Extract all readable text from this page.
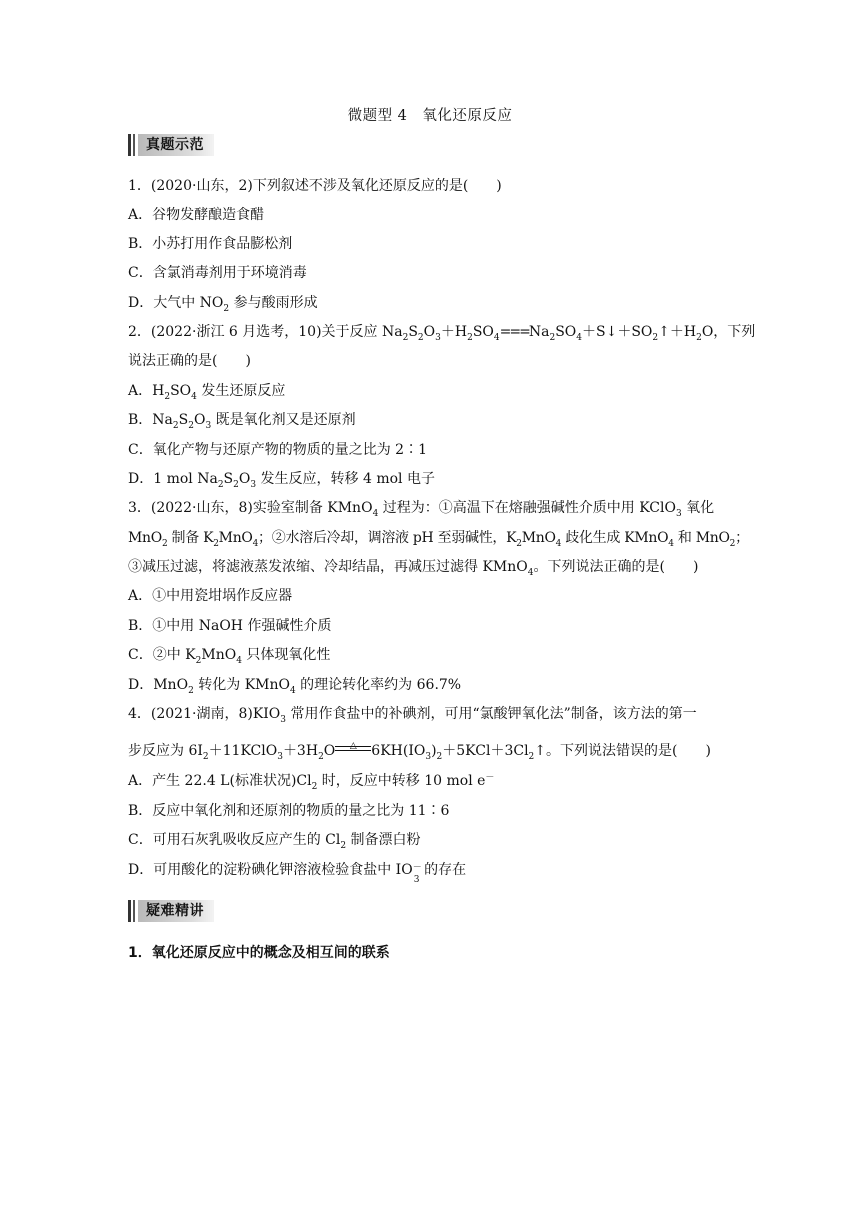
微题型 4　氧化还原反应
真题示范
1．(2020·山东，2)下列叙述不涉及氧化还原反应的是(　　)
A．谷物发酵酿造食醋
B．小苏打用作食品膨松剂
C．含氯消毒剂用于环境消毒
D．大气中 $NO_2$ 参与酸雨形成
2．(2022·浙江 6 月选考，10)关于反应 $Na_2S_2O_3+H_2SO_4===Na_2SO_4+S↓+SO_2↑+H_2O$，下列
说法正确的是(　　)
A．$H_2SO_4$ 发生还原反应
B．$Na_2S_2O_3$ 既是氧化剂又是还原剂
C．氧化产物与还原产物的物质的量之比为 2∶1
D．1 mol $Na_2S_2O_3$ 发生反应，转移 4 mol 电子
3．(2022·山东，8)实验室制备 KMnO$_4$ 过程为：①高温下在熔融强碱性介质中用 KClO$_3$ 氧化
MnO$_2$ 制备 $K_2MnO_4$；②水溶后冷却，调溶液 pH 至弱碱性，$K_2MnO_4$ 歧化生成 KMnO$_4$ 和 MnO$_2$；
③减压过滤，将滤液蒸发浓缩、冷却结晶，再减压过滤得 KMnO$_4$。下列说法正确的是(　　)
A．①中用瓷坩埚作反应器
B．①中用 NaOH 作强碱性介质
C．②中 $K_2MnO_4$ 只体现氧化性
D．MnO$_2$ 转化为 KMnO$_4$ 的理论转化率约为 66.7%
4．(2021·湖南，$8)KIO_3$ 常用作食盐中的补碘剂，可用“氯酸钾氧化法”制备，该方法的第一
步反应为 $6I_2+11KClO_3+3H_2O$	△	$6KH(IO_3)_2+5KCl+3Cl_2↑$。下列说法错误的是(　　)
A．产生 22.4 L(标准状况)$Cl_2$ 时，反应中转移 10 mol e－
B．反应中氧化剂和还原剂的物质的量之比为 11∶6
C．可用石灰乳吸收反应产生的 $Cl_2$ 制备漂白粉
D．可用酸化的淀粉碘化钾溶液检验食盐中 IO －
3
的存在
疑难精讲
1．氧化还原反应中的概念及相互间的联系
